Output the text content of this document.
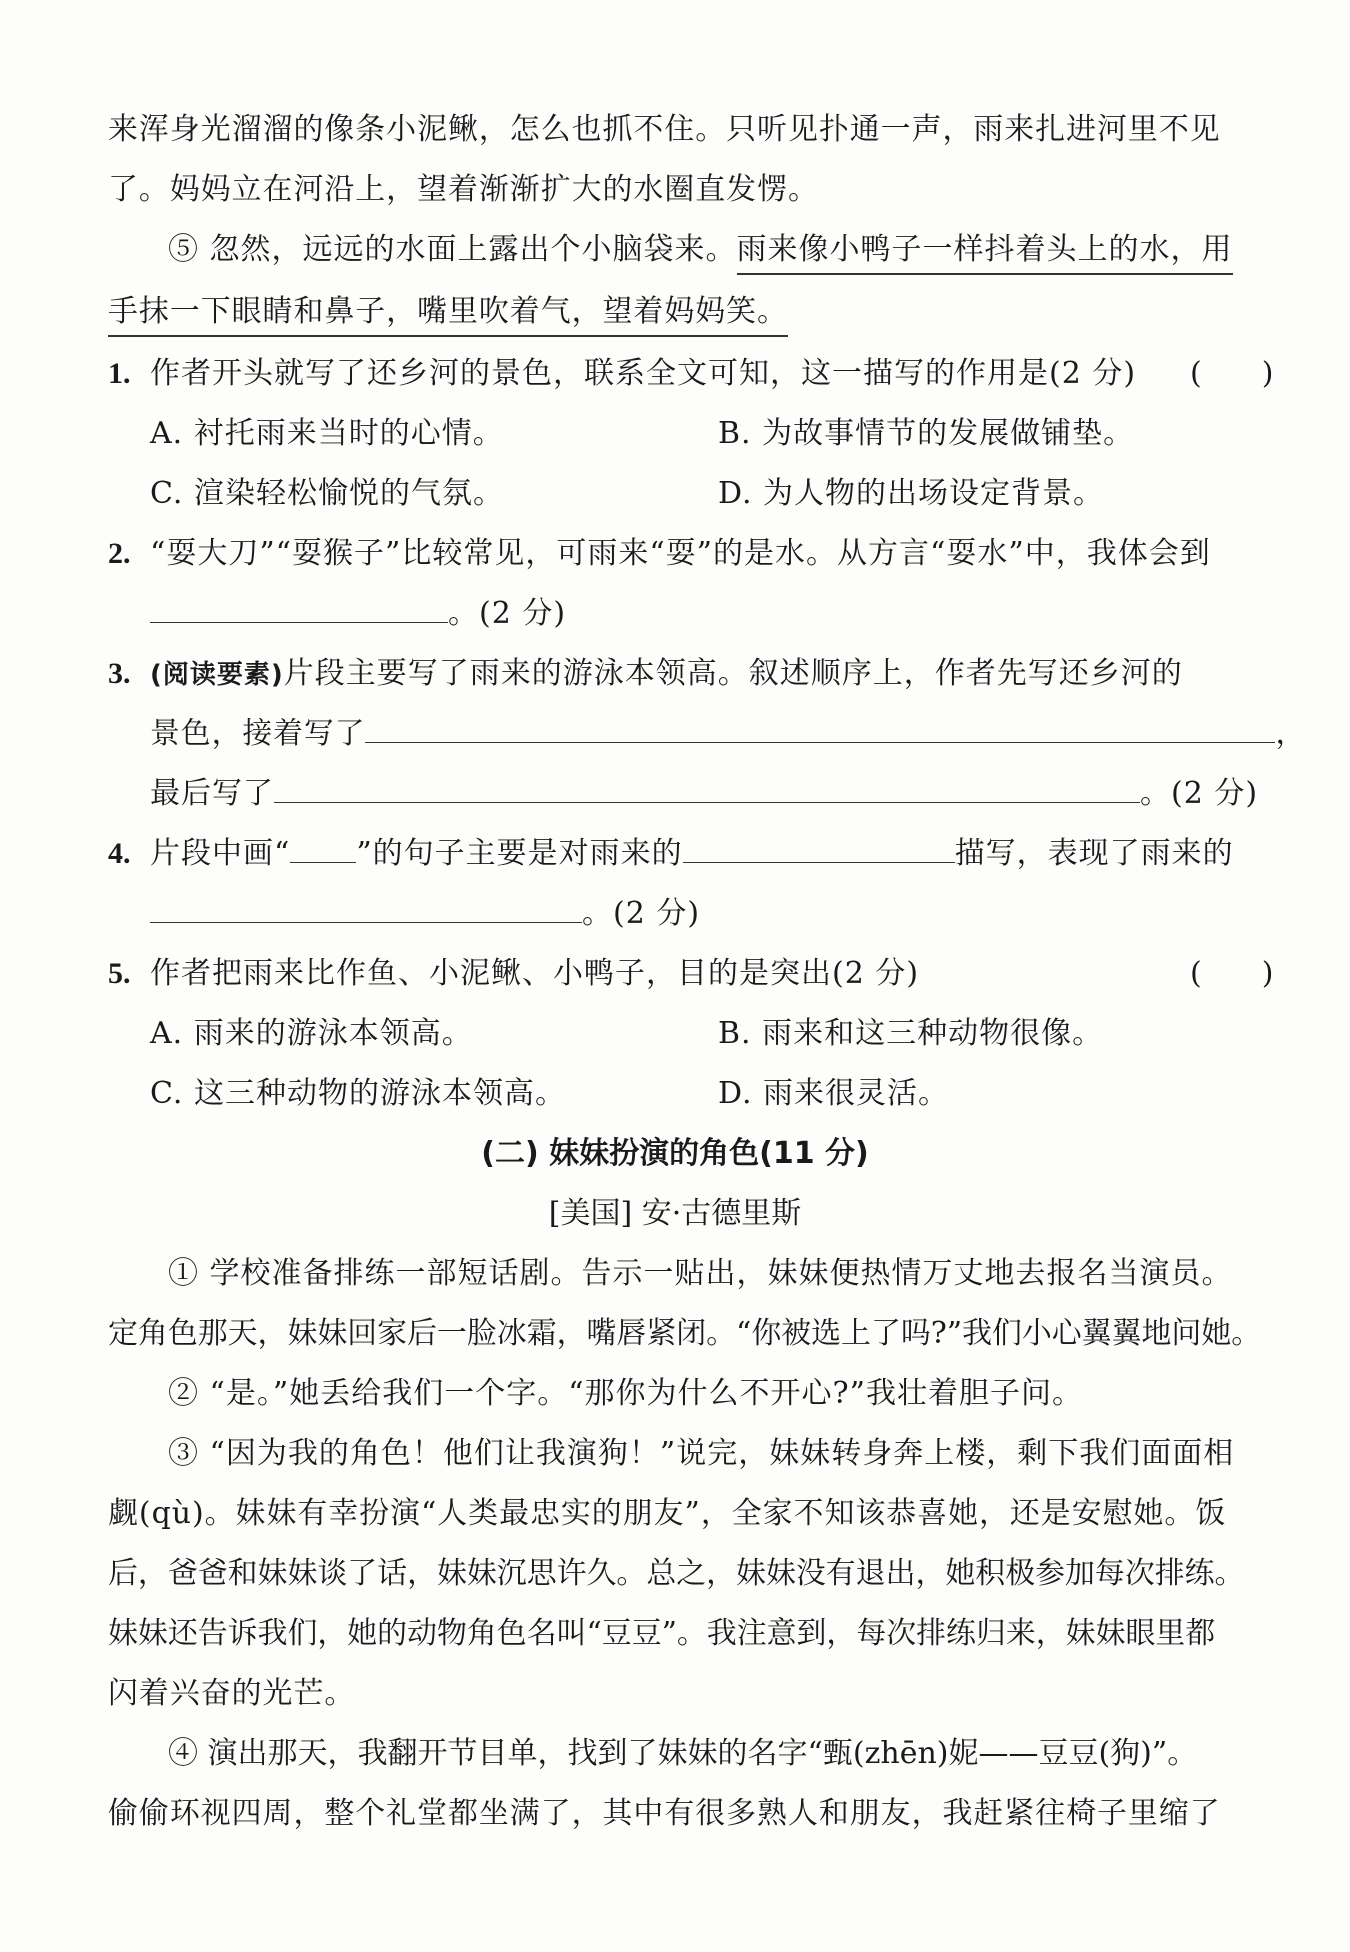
来浑身光溜溜的像条小泥鳅，怎么也抓不住。只听见扑通一声，雨来扎进河里不见
了。妈妈立在河沿上，望着渐渐扩大的水圈直发愣。
⑤ 忽然，远远的水面上露出个小脑袋来。雨来像小鸭子一样抖着头上的水，用
手抹一下眼睛和鼻子，嘴里吹着气，望着妈妈笑。
1. 作者开头就写了还乡河的景色，联系全文可知，这一描写的作用是(2 分) (　　)
A. 衬托雨来当时的心情。	B. 为故事情节的发展做铺垫。
C. 渲染轻松愉悦的气氛。	D. 为人物的出场设定背景。
2. “耍大刀”“耍猴子”比较常见，可雨来“耍”的是水。从方言“耍水”中，我体会到
。(2 分)
3. (阅读要素)片段主要写了雨来的游泳本领高。叙述顺序上，作者先写还乡河的
景色，接着写了	，
最后写了	。(2 分)
4. 片段中画“ ”的句子主要是对雨来的	描写，表现了雨来的
。(2 分)
5. 作者把雨来比作鱼、小泥鳅、小鸭子，目的是突出(2 分)	(　　)
A. 雨来的游泳本领高。	B. 雨来和这三种动物很像。
C. 这三种动物的游泳本领高。	D. 雨来很灵活。
(二) 妹妹扮演的角色(11 分)
[美国] 安·古德里斯
① 学校准备排练一部短话剧。告示一贴出，妹妹便热情万丈地去报名当演员。
定角色那天，妹妹回家后一脸冰霜，嘴唇紧闭。“你被选上了吗?”我们小心翼翼地问她。
② “是。”她丢给我们一个字。“那你为什么不开心?”我壮着胆子问。
③ “因为我的角色！他们让我演狗！”说完，妹妹转身奔上楼，剩下我们面面相
觑(qù)。妹妹有幸扮演“人类最忠实的朋友”，全家不知该恭喜她，还是安慰她。饭
后，爸爸和妹妹谈了话，妹妹沉思许久。总之，妹妹没有退出，她积极参加每次排练。
妹妹还告诉我们，她的动物角色名叫“豆豆”。我注意到，每次排练归来，妹妹眼里都
闪着兴奋的光芒。
④ 演出那天，我翻开节目单，找到了妹妹的名字“甄(zhēn)妮——豆豆(狗)”。
偷偷环视四周，整个礼堂都坐满了，其中有很多熟人和朋友，我赶紧往椅子里缩了
